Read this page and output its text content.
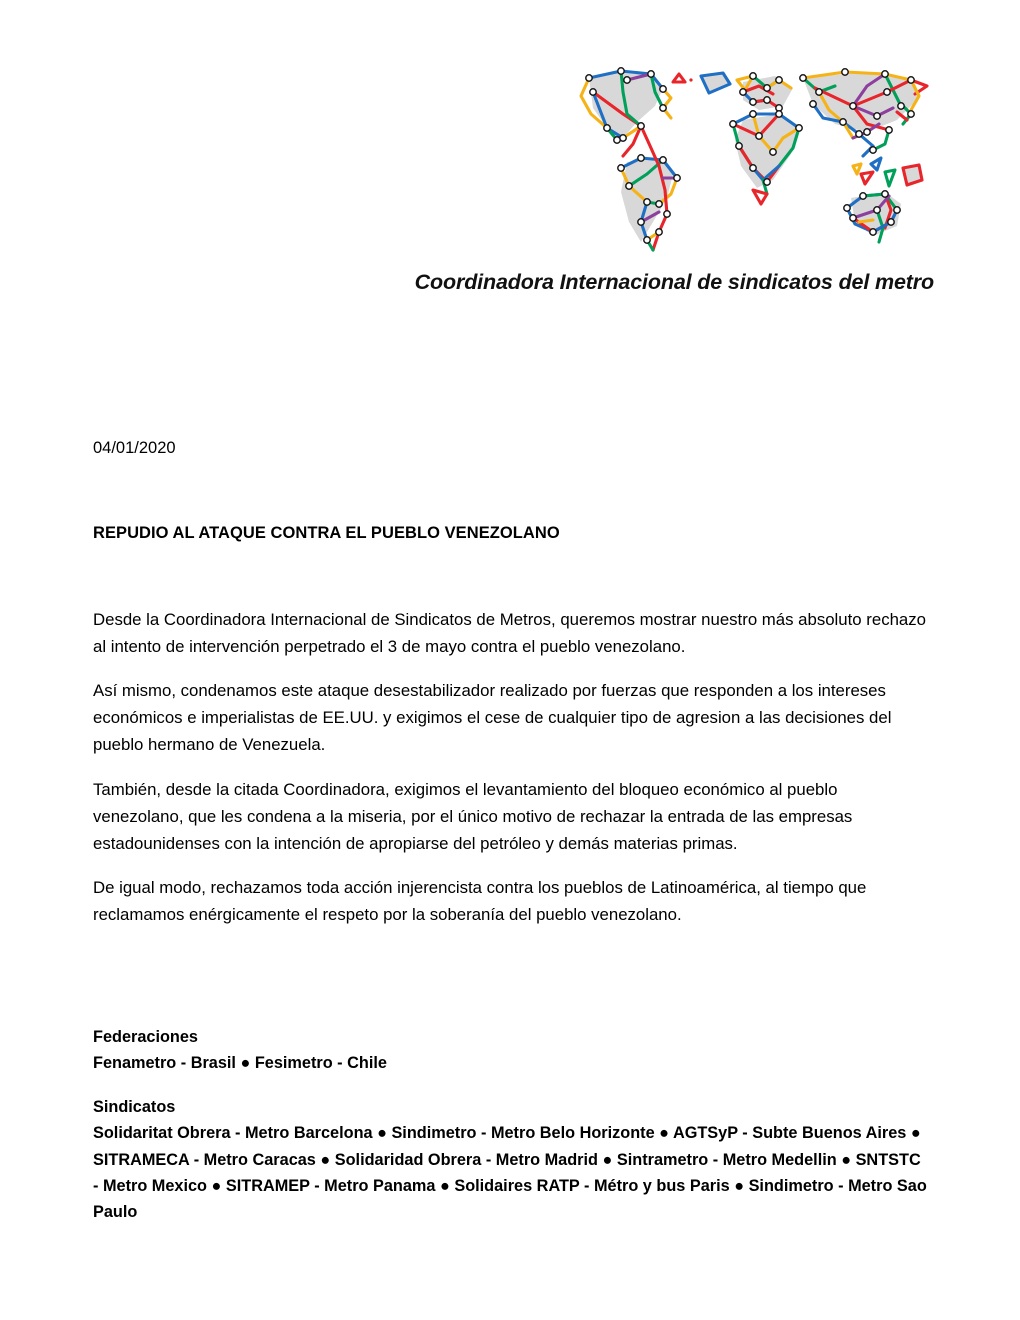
Coordinadora Internacional de sindicatos del metro

04/01/2020

REPUDIO AL ATAQUE CONTRA EL PUEBLO VENEZOLANO

Desde la Coordinadora Internacional de Sindicatos de Metros, queremos mostrar nuestro más absoluto rechazo al intento de intervención perpetrado el 3 de mayo contra el pueblo venezolano.

Así mismo, condenamos este ataque desestabilizador realizado por fuerzas que responden a los intereses económicos e imperialistas de EE.UU. y exigimos el cese de cualquier tipo de agresion a las decisiones del pueblo hermano de Venezuela.

También, desde la citada Coordinadora, exigimos el levantamiento del bloqueo económico al pueblo venezolano, que les condena a la miseria, por el único motivo de rechazar la entrada de las empresas estadounidenses con la intención de apropiarse del petróleo y demás materias primas.

De igual modo, rechazamos toda acción injerencista contra los pueblos de Latinoamérica, al tiempo que reclamamos enérgicamente el respeto por la soberanía del pueblo venezolano.

Federaciones

Fenametro - Brasil ● Fesimetro - Chile

Sindicatos

Solidaritat Obrera - Metro Barcelona ● Sindimetro - Metro Belo Horizonte ● AGTSyP - Subte Buenos Aires ● SITRAMECA - Metro Caracas ● Solidaridad Obrera - Metro Madrid ● Sintrametro - Metro Medellin ● SNTSTC - Metro Mexico ● SITRAMEP - Metro Panama ● Solidaires RATP - Métro y bus Paris ● Sindimetro - Metro Sao Paulo
